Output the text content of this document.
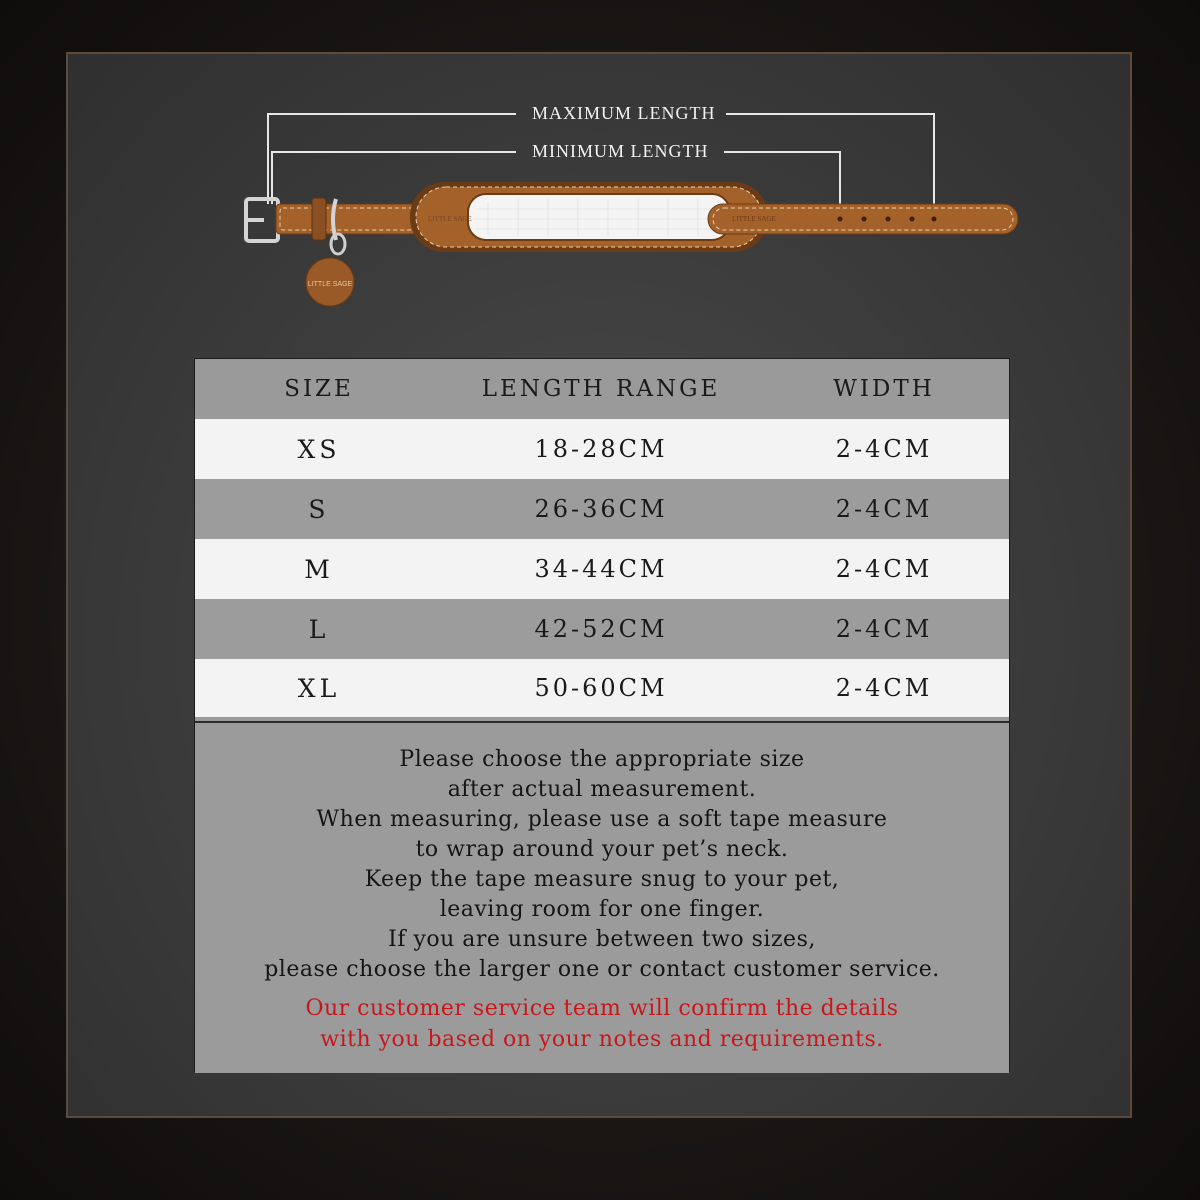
LITTLE SAGE
LITTLE SAGE	LITTLE SAGE
MAXIMUM LENGTH
MINIMUM LENGTH
SIZE	LENGTH RANGE	WIDTH
XS	18-28CM	2-4CM
S	26-36CM	2-4CM
M	34-44CM	2-4CM
L	42-52CM	2-4CM
XL	50-60CM	2-4CM
Please choose the appropriate size
after actual measurement.
When measuring, please use a soft tape measure
to wrap around your pet’s neck.
Keep the tape measure snug to your pet,
leaving room for one finger.
If you are unsure between two sizes,
please choose the larger one or contact customer service.
Our customer service team will confirm the details
with you based on your notes and requirements.
